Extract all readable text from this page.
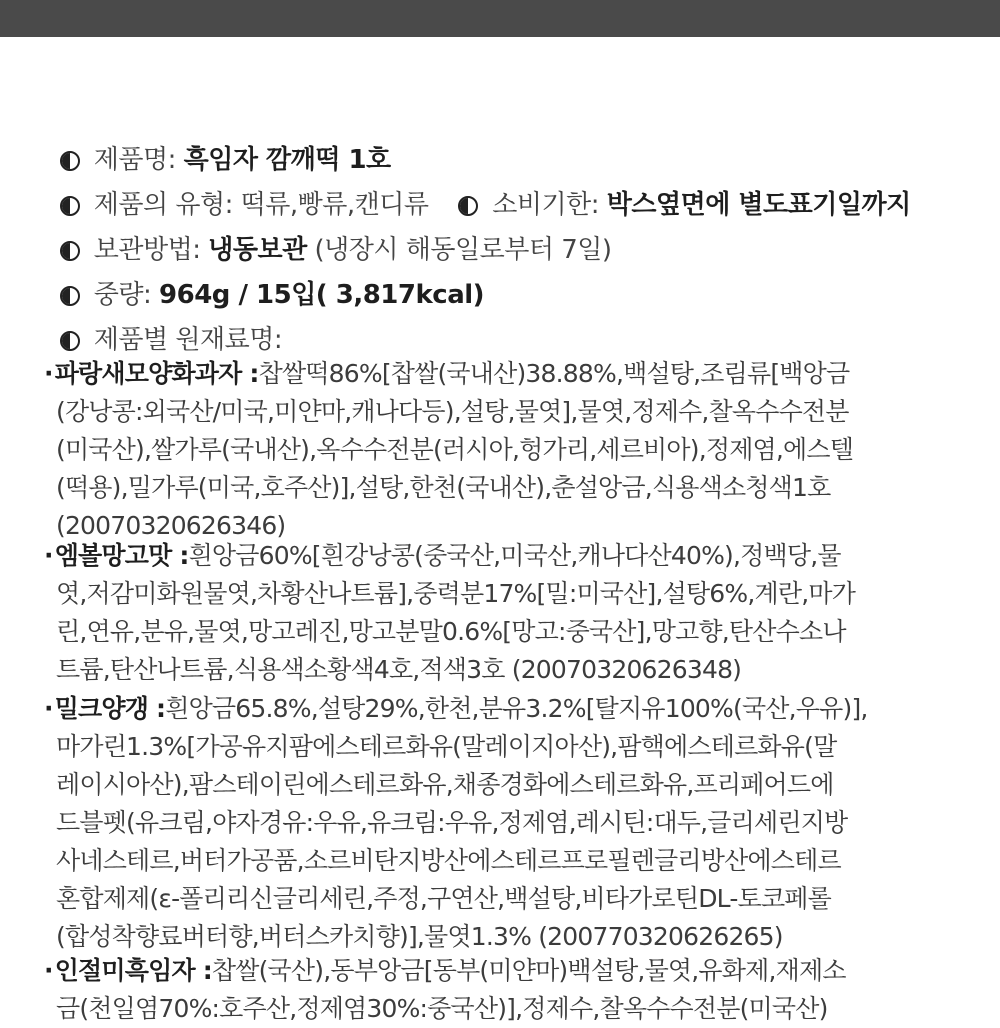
제품명: 흑임자 깜깨떡 1호
제품의 유형: 떡류,빵류,캔디류 소비기한: 박스옆면에 별도표기일까지
보관방법: 냉동보관 (냉장시 해동일로부터 7일)
중량: 964g / 15입( 3,817kcal)
제품별 원재료명:
·파랑새모양화과자 :찹쌀떡86%[찹쌀(국내산)38.88%,백설탕,조림류[백앙금
(강낭콩:외국산/미국,미얀마,캐나다등),설탕,물엿],물엿,정제수,찰옥수수전분
(미국산),쌀가루(국내산),옥수수전분(러시아,헝가리,세르비아),정제염,에스텔
(떡용),밀가루(미국,호주산)],설탕,한천(국내산),춘설앙금,식용색소청색1호
(20070320626346)
·엠볼망고맛 :흰앙금60%[흰강낭콩(중국산,미국산,캐나다산40%),정백당,물
엿,저감미화원물엿,차황산나트륨],중력분17%[밀:미국산],설탕6%,계란,마가
린,연유,분유,물엿,망고레진,망고분말0.6%[망고:중국산],망고향,탄산수소나
트륨,탄산나트륨,식용색소황색4호,적색3호 (20070320626348)
·밀크양갱 :흰앙금65.8%,설탕29%,한천,분유3.2%[탈지유100%(국산,우유)],
마가린1.3%[가공유지팜에스테르화유(말레이지아산),팜핵에스테르화유(말
레이시아산),팜스테이린에스테르화유,채종경화에스테르화유,프리페어드에
드블펫(유크림,야자경유:우유,유크림:우유,정제염,레시틴:대두,글리세린지방
사네스테르,버터가공품,소르비탄지방산에스테르프로필렌글리방산에스테르
혼합제제(ε-폴리리신글리세린,주정,구연산,백설탕,비타가로틴DL-토코페롤
(합성착향료버터향,버터스카치향)],물엿1.3% (20077032062626​5)
·인절미흑임자 :찹쌀(국산),동부앙금[동부(미얀마)백설탕,물엿,유화제,재제소
금(천일염70%:호주산,정제염30%:중국산)],정제수,찰옥수수전분(미국산)
